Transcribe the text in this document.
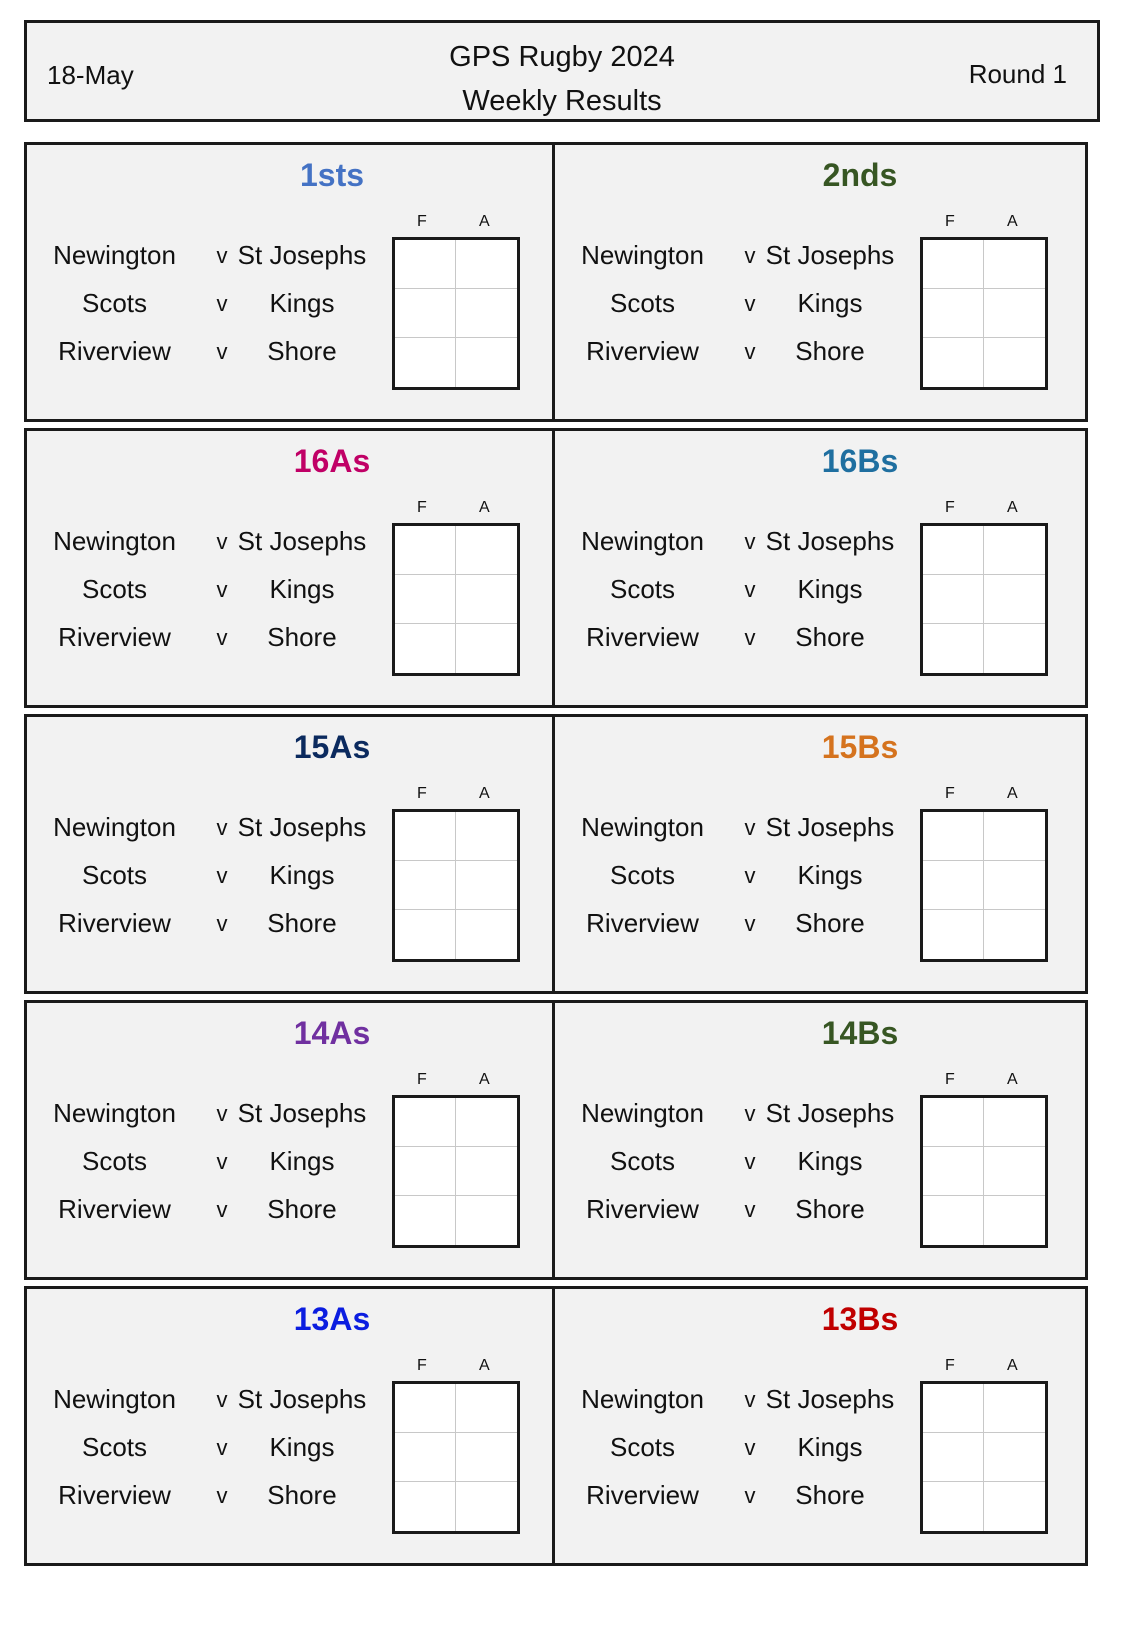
18-May
GPS Rugby 2024
Weekly Results
Round 1
1sts
F	A
Newington	v St Josephs
Scots	v	Kings
Riverview	v	Shore
2nds
F	A
Newington	v St Josephs
Scots	v	Kings
Riverview	v	Shore
16As
F	A
Newington	v St Josephs
Scots	v	Kings
Riverview	v	Shore
16Bs
F	A
Newington	v St Josephs
Scots	v	Kings
Riverview	v	Shore
15As
F	A
Newington	v St Josephs
Scots	v	Kings
Riverview	v	Shore
15Bs
F	A
Newington	v St Josephs
Scots	v	Kings
Riverview	v	Shore
14As
F	A
Newington	v St Josephs
Scots	v	Kings
Riverview	v	Shore
14Bs
F	A
Newington	v St Josephs
Scots	v	Kings
Riverview	v	Shore
13As
F	A
Newington	v St Josephs
Scots	v	Kings
Riverview	v	Shore
13Bs
F	A
Newington	v St Josephs
Scots	v	Kings
Riverview	v	Shore
